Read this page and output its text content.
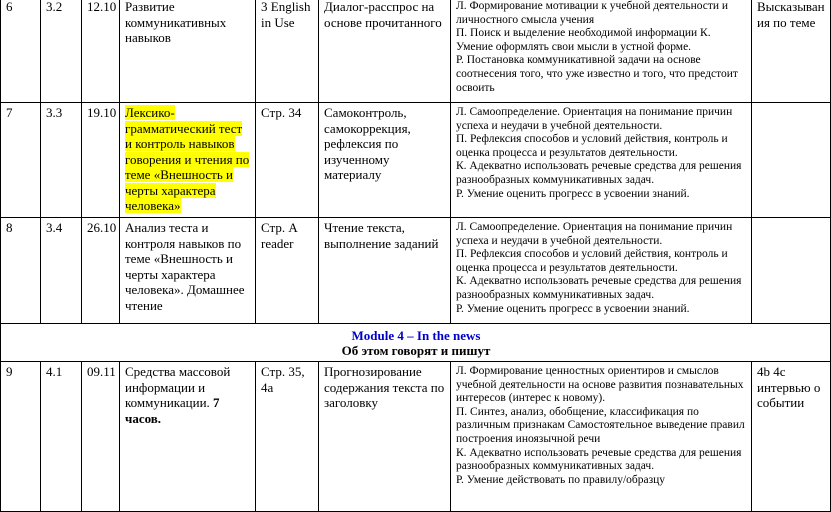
6	3.2	12.10	Развитие коммуникативных навыков	3 English in Use	Диалог-расспрос на основе прочитанного	Л. Формирование мотивации к учебной деятельности и личностного смысла учения
П. Поиск и выделение необходимой информации К. Умение оформлять свои мысли в устной форме.
Р. Постановка коммуникативной задачи на основе соотнесения того, что уже известно и того, что предстоит освоить	Высказыван ия по теме
7	3.3	19.10	Лексико-грамматический тест и контроль навыков говорения и чтения по теме «Внешность и черты характера человека»	Стр. 34	Самоконтроль, самокоррекция, рефлексия по изученному материалу	Л. Самоопределение. Ориентация на понимание причин успеха и неудачи в учебной деятельности.
П. Рефлексия способов и условий действия, контроль и оценка процесса и результатов деятельности.
К. Адекватно использовать речевые средства для решения разнообразных коммуникативных задач.
Р. Умение оценить прогресс в усвоении знаний.	

8	3.4	26.10	Анализ теста и контроля навыков по теме «Внешность и черты характера человека». Домашнее чтение	Стр. A reader	Чтение текста, выполнение заданий	Л. Самоопределение. Ориентация на понимание причин успеха и неудачи в учебной деятельности.
П. Рефлексия способов и условий действия, контроль и оценка процесса и результатов деятельности.
К. Адекватно использовать речевые средства для решения разнообразных коммуникативных задач.
Р. Умение оценить прогресс в усвоении знаний.	

Module 4 – In the news
Об этом говорят и пишут							

9	4.1	09.11	Средства массовой информации и коммуникации. 7 часов.	Стр. 35, 4a	Прогнозирование содержания текста по заголовку	Л. Формирование ценностных ориентиров и смыслов учебной деятельности на основе развития познавательных интересов (интерес к новому).
П. Синтез, анализ, обобщение, классификация по различным признакам Самостоятельное выведение правил построения иноязычной речи
К. Адекватно использовать речевые средства для решения разнообразных коммуникативных задач.
Р. Умение действовать по правилу/образцу	4b 4c интервью о событии
